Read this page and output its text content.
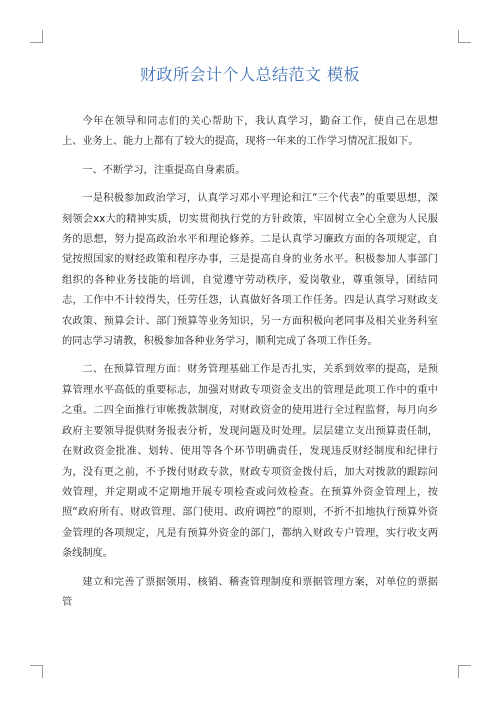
财政所会计个人总结范文 模板

今年在领导和同志们的关心帮助下，我认真学习，勤奋工作，使自己在思想上、业务上、能力上都有了较大的提高，现将一年来的工作学习情况汇报如下。

一、不断学习，注重提高自身素质。

一是积极参加政治学习，认真学习邓小平理论和江“三个代表”的重要思想，深刻领会xx大的精神实质，切实贯彻执行党的方针政策，牢固树立全心全意为人民服务的思想，努力提高政治水平和理论修养。二是认真学习廉政方面的各项规定，自觉按照国家的财经政策和程序办事，三是提高自身的业务水平。积极参加人事部门组织的各种业务技能的培训，自觉遵守劳动秩序，爱岗敬业，尊重领导，团结同志，工作中不计较得失，任劳任怨，认真做好各项工作任务。四是认真学习财政支农政策、预算会计、部门预算等业务知识，另一方面积极向老同事及相关业务科室的同志学习请教，积极参加各种业务学习，顺利完成了各项工作任务。

二、在预算管理方面：财务管理基础工作是否扎实，关系到效率的提高，是预算管理水平高低的重要标志，加强对财政专项资金支出的管理是此项工作中的重中之重。二四全面推行审帐拨款制度，对财政资金的使用进行全过程监督，每月向乡政府主要领导提供财务报表分析，发现问题及时处理。层层建立支出预算责任制，在财政资金批准、划转、使用等各个环节明确责任，发现违反财经制度和纪律行为，没有更之前，不予拨付财政专款，财政专项资金拨付后，加大对拨款的跟踪问效管理，并定期或不定期地开展专项检查或问效检查。在预算外资金管理上，按照“政府所有、财政管理、部门使用、政府调控”的原则，不折不扣地执行预算外资金管理的各项规定，凡是有预算外资金的部门，都纳入财政专户管理，实行收支两条线制度。

建立和完善了票据领用、核销、稽查管理制度和票据管理方案，对单位的票据管
